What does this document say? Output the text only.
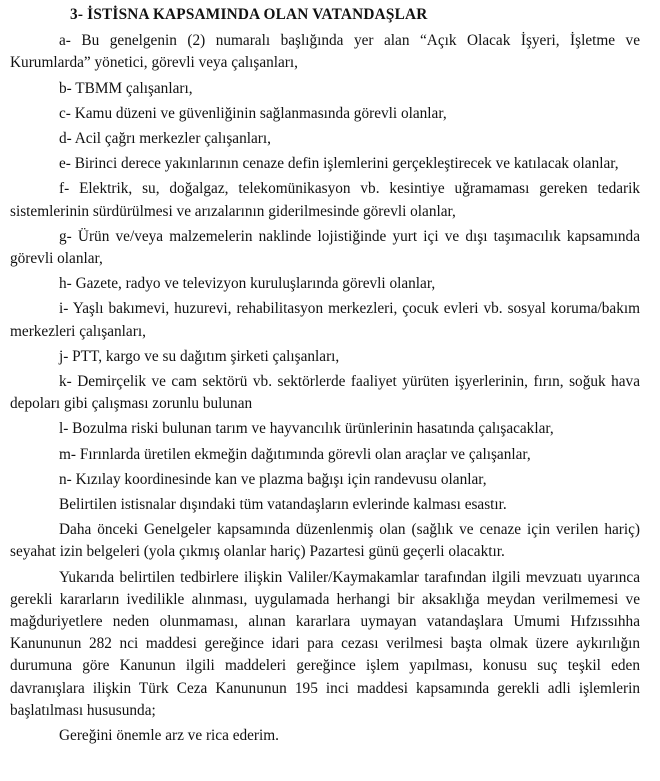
3- İSTİSNA KAPSAMINDA OLAN VATANDAŞLAR

a- Bu genelgenin (2) numaralı başlığında yer alan “Açık Olacak İşyeri, İşletme ve Kurumlarda” yönetici, görevli veya çalışanları,

b- TBMM çalışanları,

c- Kamu düzeni ve güvenliğinin sağlanmasında görevli olanlar,

d- Acil çağrı merkezler çalışanları,

e- Birinci derece yakınlarının cenaze defin işlemlerini gerçekleştirecek ve katılacak olanlar,

f- Elektrik, su, doğalgaz, telekomünikasyon vb. kesintiye uğramaması gereken tedarik sistemlerinin sürdürülmesi ve arızalarının giderilmesinde görevli olanlar,

g- Ürün ve/veya malzemelerin naklinde lojistiğinde yurt içi ve dışı taşımacılık kapsamında görevli olanlar,

h- Gazete, radyo ve televizyon kuruluşlarında görevli olanlar,

i- Yaşlı bakımevi, huzurevi, rehabilitasyon merkezleri, çocuk evleri vb. sosyal koruma/bakım merkezleri çalışanları,

j- PTT, kargo ve su dağıtım şirketi çalışanları,

k- Demirçelik ve cam sektörü vb. sektörlerde faaliyet yürüten işyerlerinin, fırın, soğuk hava depoları gibi çalışması zorunlu bulunan

l- Bozulma riski bulunan tarım ve hayvancılık ürünlerinin hasatında çalışacaklar,

m- Fırınlarda üretilen ekmeğin dağıtımında görevli olan araçlar ve çalışanlar,

n- Kızılay koordinesinde kan ve plazma bağışı için randevusu olanlar,

Belirtilen istisnalar dışındaki tüm vatandaşların evlerinde kalması esastır.

Daha önceki Genelgeler kapsamında düzenlenmiş olan (sağlık ve cenaze için verilen hariç) seyahat izin belgeleri (yola çıkmış olanlar hariç) Pazartesi günü geçerli olacaktır.

Yukarıda belirtilen tedbirlere ilişkin Valiler/Kaymakamlar tarafından ilgili mevzuatı uyarınca gerekli kararların ivedilikle alınması, uygulamada herhangi bir aksaklığa meydan verilmemesi ve mağduriyetlere neden olunmaması, alınan kararlara uymayan vatandaşlara Umumi Hıfzıssıhha Kanununun 282 nci maddesi gereğince idari para cezası verilmesi başta olmak üzere aykırılığın durumuna göre Kanunun ilgili maddeleri gereğince işlem yapılması, konusu suç teşkil eden davranışlara ilişkin Türk Ceza Kanununun 195 inci maddesi kapsamında gerekli adli işlemlerin başlatılması hususunda;

Gereğini önemle arz ve rica ederim.
